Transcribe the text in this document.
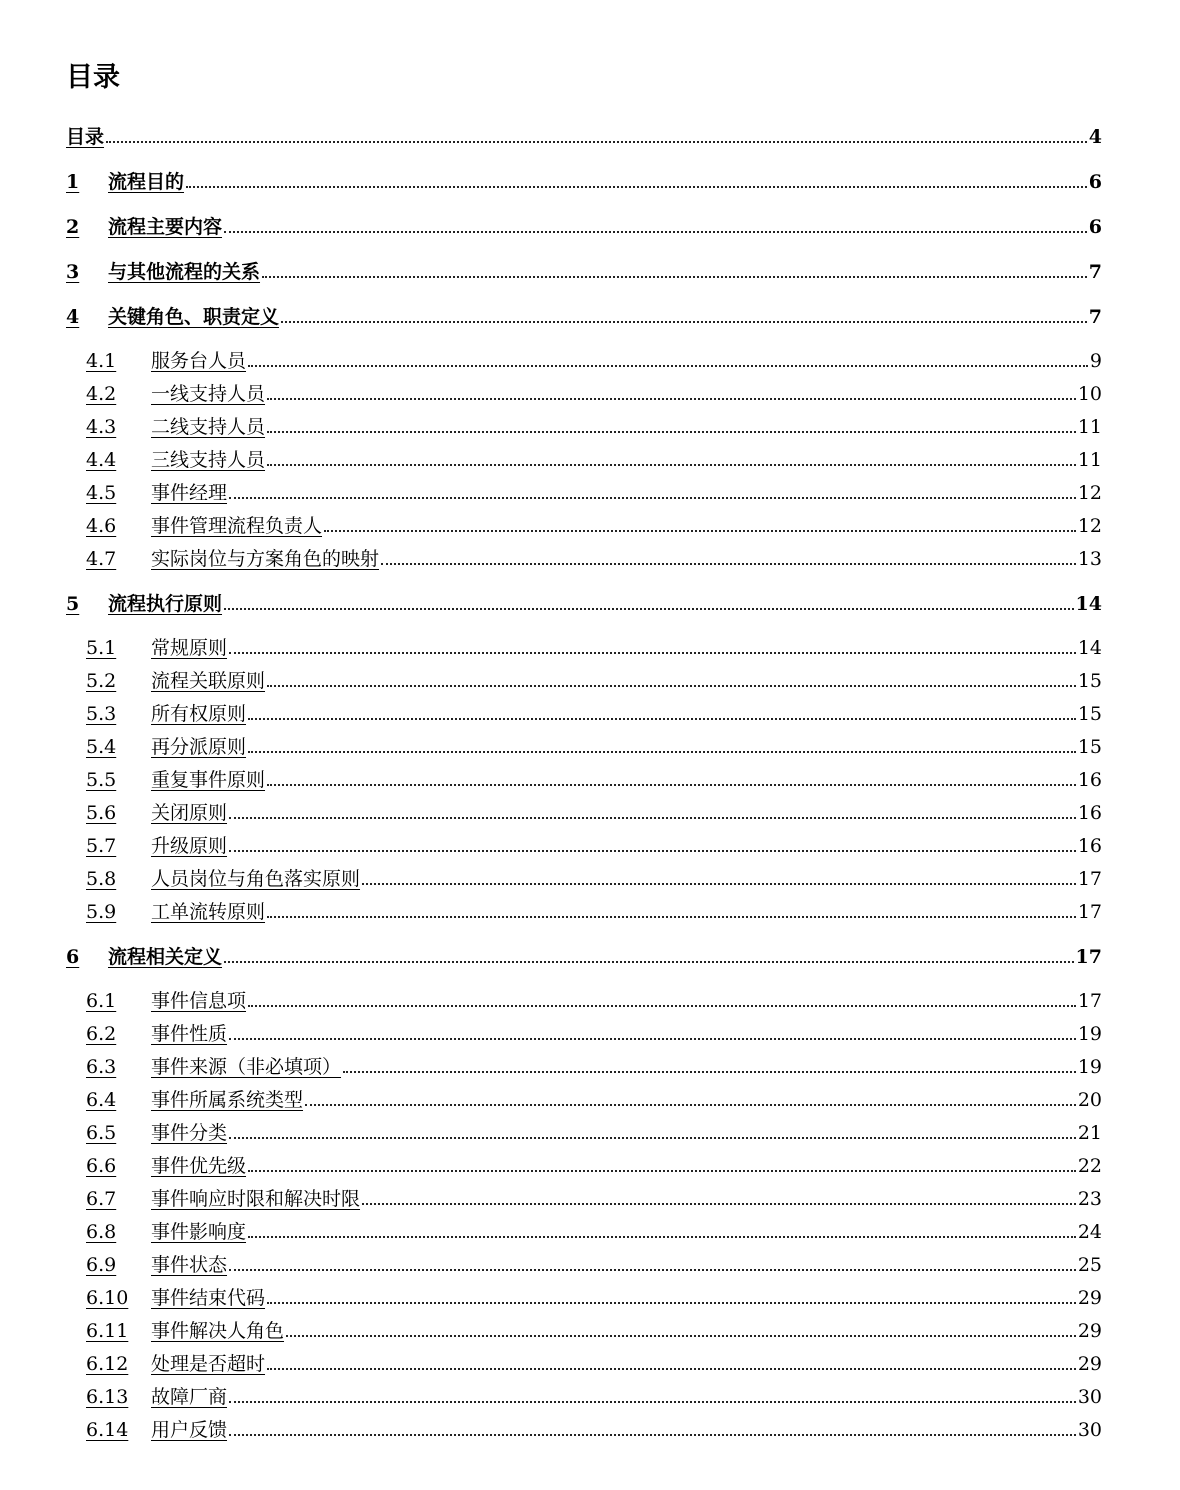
目录
目录	4
1	流程目的	6
2	流程主要内容	6
3	与其他流程的关系	7
4	关键角色、职责定义	7
4.1	服务台人员	9
4.2	一线支持人员	10
4.3	二线支持人员	11
4.4	三线支持人员	11
4.5	事件经理	12
4.6	事件管理流程负责人	12
4.7	实际岗位与方案角色的映射	13
5	流程执行原则	14
5.1	常规原则	14
5.2	流程关联原则	15
5.3	所有权原则	15
5.4	再分派原则	15
5.5	重复事件原则	16
5.6	关闭原则	16
5.7	升级原则	16
5.8	人员岗位与角色落实原则	17
5.9	工单流转原则	17
6	流程相关定义	17
6.1	事件信息项	17
6.2	事件性质	19
6.3	事件来源（非必填项）	19
6.4	事件所属系统类型	20
6.5	事件分类	21
6.6	事件优先级	22
6.7	事件响应时限和解决时限	23
6.8	事件影响度	24
6.9	事件状态	25
6.10	事件结束代码	29
6.11	事件解决人角色	29
6.12	处理是否超时	29
6.13	故障厂商	30
6.14	用户反馈	30
